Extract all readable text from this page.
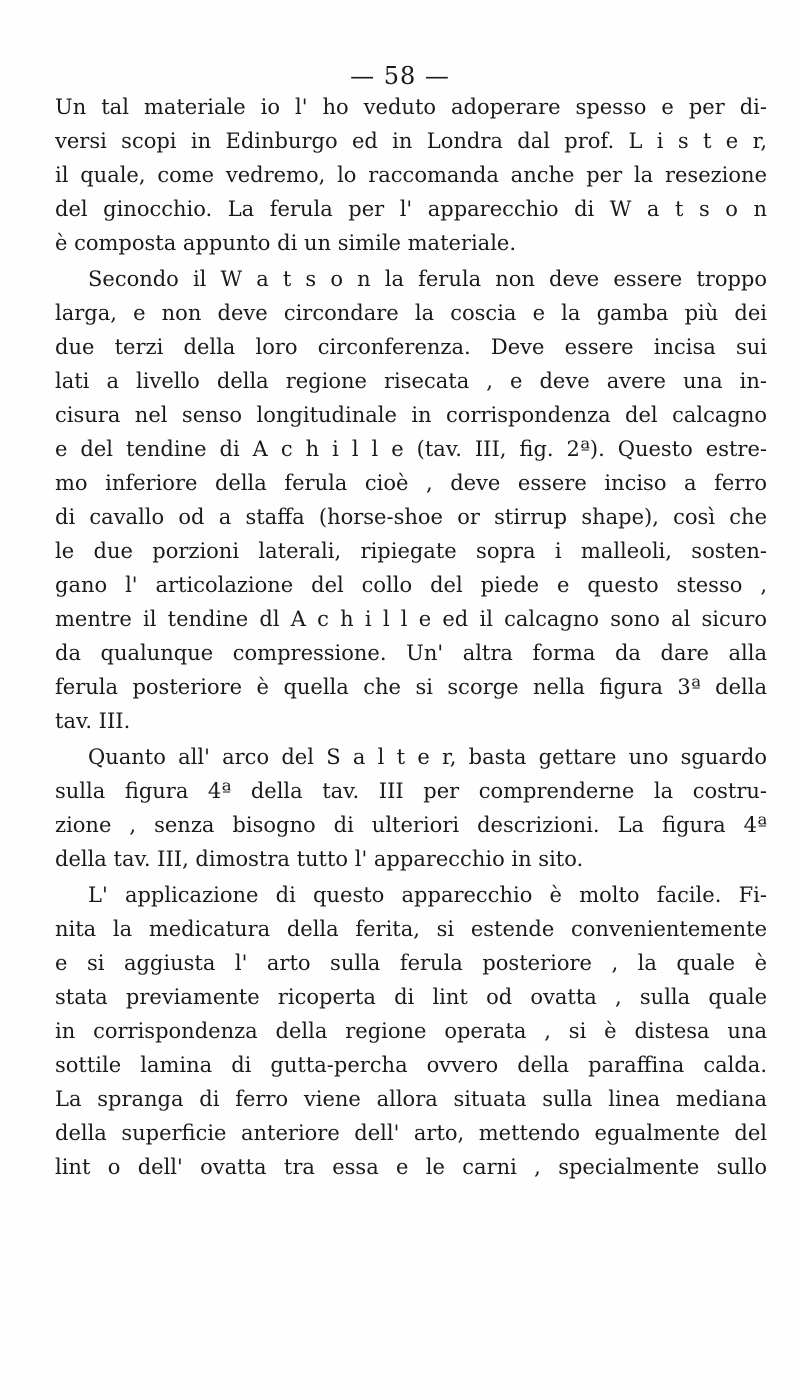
— 58 —
Un tal materiale io l' ho veduto adoperare spesso e per di-
versi scopi in Edinburgo ed in Londra dal prof. L i s t e r,
il quale, come vedremo, lo raccomanda anche per la resezione
del ginocchio. La ferula per l' apparecchio di W a t s o n
è composta appunto di un simile materiale.
Secondo il W a t s o n la ferula non deve essere troppo
larga, e non deve circondare la coscia e la gamba più dei
due terzi della loro circonferenza. Deve essere incisa sui
lati a livello della regione risecata , e deve avere una in-
cisura nel senso longitudinale in corrispondenza del calcagno
e del tendine di A c h i l l e (tav. III, fig. 2ª). Questo estre-
mo inferiore della ferula cioè , deve essere inciso a ferro
di cavallo od a staffa (horse-shoe or stirrup shape), così che
le due porzioni laterali, ripiegate sopra i malleoli, sosten-
gano l' articolazione del collo del piede e questo stesso ,
mentre il tendine dl A c h i l l e ed il calcagno sono al sicuro
da qualunque compressione. Un' altra forma da dare alla
ferula posteriore è quella che si scorge nella figura 3ª della
tav. III.
Quanto all' arco del S a l t e r, basta gettare uno sguardo
sulla figura 4ª della tav. III per comprenderne la costru-
zione , senza bisogno di ulteriori descrizioni. La figura 4ª
della tav. III, dimostra tutto l' apparecchio in sito.
L' applicazione di questo apparecchio è molto facile. Fi-
nita la medicatura della ferita, si estende convenientemente
e si aggiusta l' arto sulla ferula posteriore , la quale è
stata previamente ricoperta di lint od ovatta , sulla quale
in corrispondenza della regione operata , si è distesa una
sottile lamina di gutta-percha ovvero della paraffina calda.
La spranga di ferro viene allora situata sulla linea mediana
della superficie anteriore dell' arto, mettendo egualmente del
lint o dell' ovatta tra essa e le carni , specialmente sullo
